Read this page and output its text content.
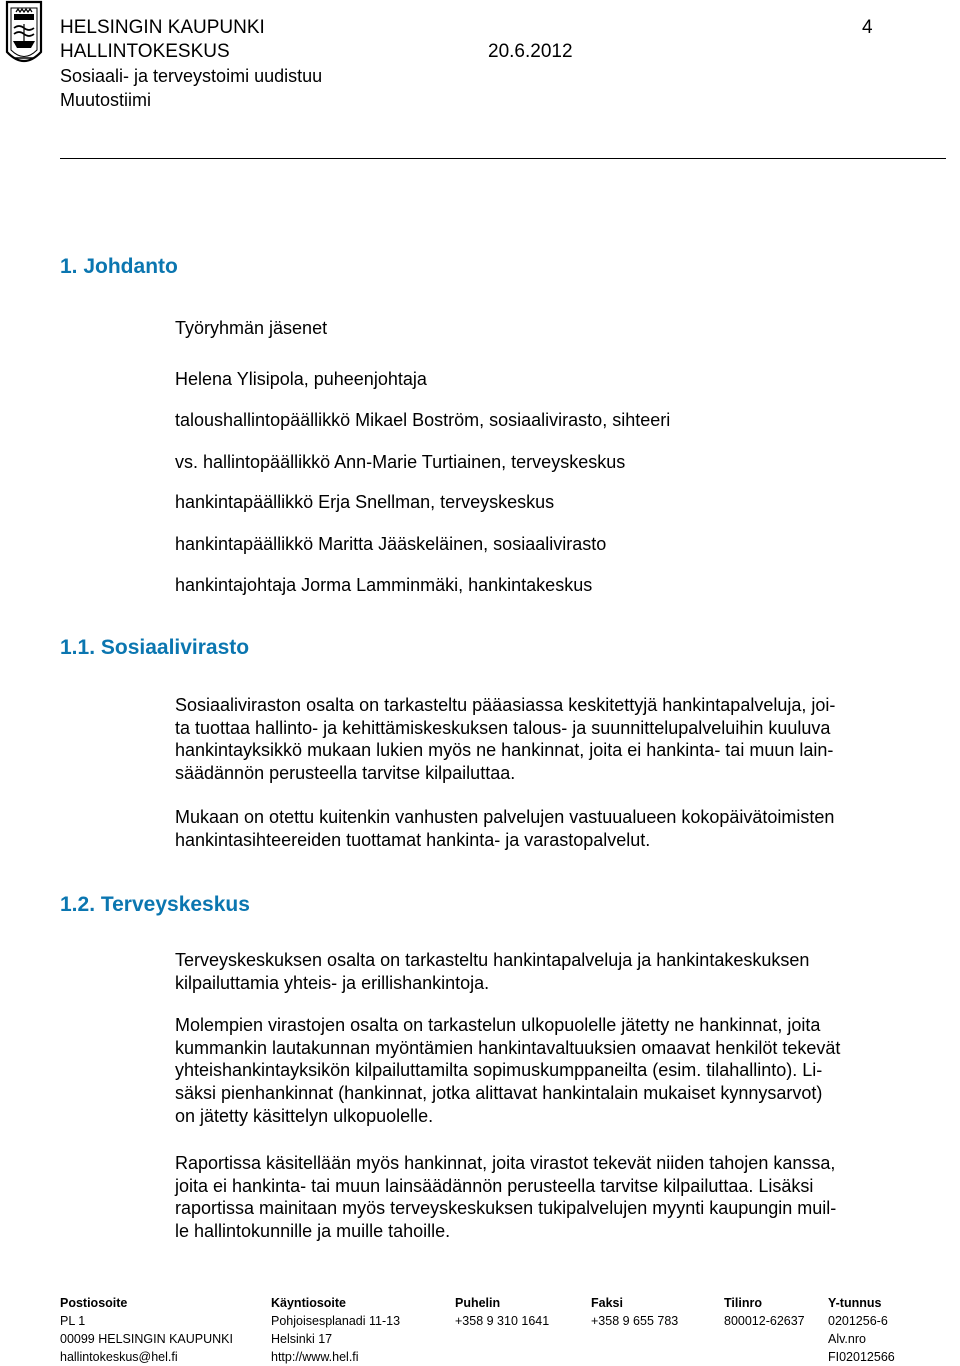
HELSINGIN KAUPUNKI	4
HALLINTOKESKUS	20.6.2012
Sosiaali- ja terveystoimi uudistuu
Muutostiimi
1. Johdanto
Työryhmän jäsenet
Helena Ylisipola, puheenjohtaja
taloushallintopäällikkö Mikael Boström, sosiaalivirasto, sihteeri
vs. hallintopäällikkö Ann-Marie Turtiainen, terveyskeskus
hankintapäällikkö Erja Snellman, terveyskeskus
hankintapäällikkö Maritta Jääskeläinen, sosiaalivirasto
hankintajohtaja Jorma Lamminmäki, hankintakeskus
1.1. Sosiaalivirasto
Sosiaaliviraston osalta on tarkasteltu pääasiassa keskitettyjä hankintapalveluja, joi-
ta tuottaa hallinto- ja kehittämiskeskuksen talous- ja suunnittelupalveluihin kuuluva
hankintayksikkö mukaan lukien myös ne hankinnat, joita ei hankinta- tai muun lain-
säädännön perusteella tarvitse kilpailuttaa.
Mukaan on otettu kuitenkin vanhusten palvelujen vastuualueen kokopäivätoimisten
hankintasihteereiden tuottamat hankinta- ja varastopalvelut.
1.2. Terveyskeskus
Terveyskeskuksen osalta on tarkasteltu hankintapalveluja ja hankintakeskuksen
kilpailuttamia yhteis- ja erillishankintoja.
Molempien virastojen osalta on tarkastelun ulkopuolelle jätetty ne hankinnat, joita
kummankin lautakunnan myöntämien hankintavaltuuksien omaavat henkilöt tekevät
yhteishankintayksikön kilpailuttamilta sopimuskumppaneilta (esim. tilahallinto). Li-
säksi pienhankinnat (hankinnat, jotka alittavat hankintalain mukaiset kynnysarvot)
on jätetty käsittelyn ulkopuolelle.
Raportissa käsitellään myös hankinnat, joita virastot tekevät niiden tahojen kanssa,
joita ei hankinta- tai muun lainsäädännön perusteella tarvitse kilpailuttaa. Lisäksi
raportissa mainitaan myös terveyskeskuksen tukipalvelujen myynti kaupungin muil-
le hallintokunnille ja muille tahoille.
Postiosoite
PL 1
00099 HELSINGIN KAUPUNKI
hallintokeskus@hel.fi
Käyntiosoite
Pohjoisesplanadi 11-13
Helsinki 17
http://www.hel.fi
Puhelin
+358 9 310 1641
Faksi
+358 9 655 783
Tilinro
800012-62637
Y-tunnus
0201256-6
Alv.nro
FI02012566
